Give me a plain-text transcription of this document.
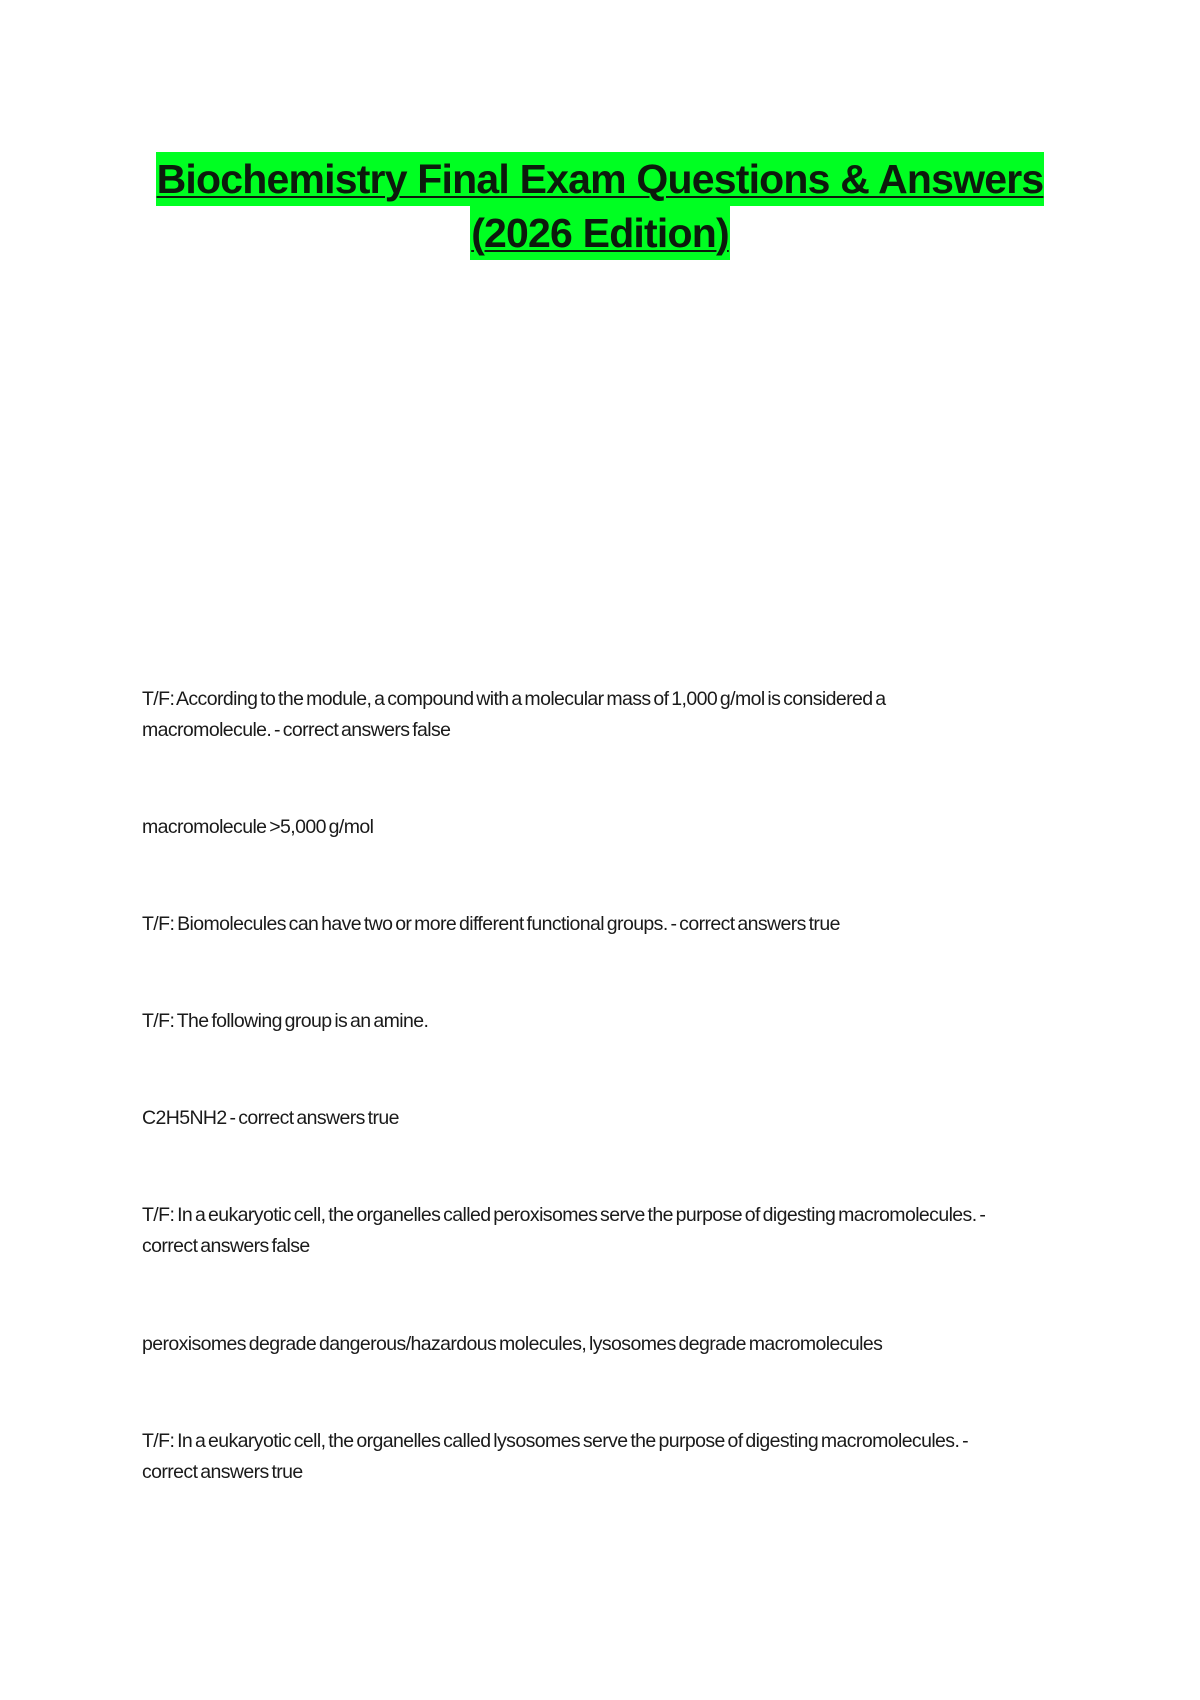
Biochemistry Final Exam Questions & Answers
(2026 Edition)

T/F: According to the module, a compound with a molecular mass of 1,000 g/mol is considered a
macromolecule. - correct answers false

macromolecule >5,000 g/mol

T/F: Biomolecules can have two or more different functional groups. - correct answers true

T/F: The following group is an amine.

C2H5NH2 - correct answers true

T/F: In a eukaryotic cell, the organelles called peroxisomes serve the purpose of digesting macromolecules. -
correct answers false

peroxisomes degrade dangerous/hazardous molecules, lysosomes degrade macromolecules

T/F: In a eukaryotic cell, the organelles called lysosomes serve the purpose of digesting macromolecules. -
correct answers true
